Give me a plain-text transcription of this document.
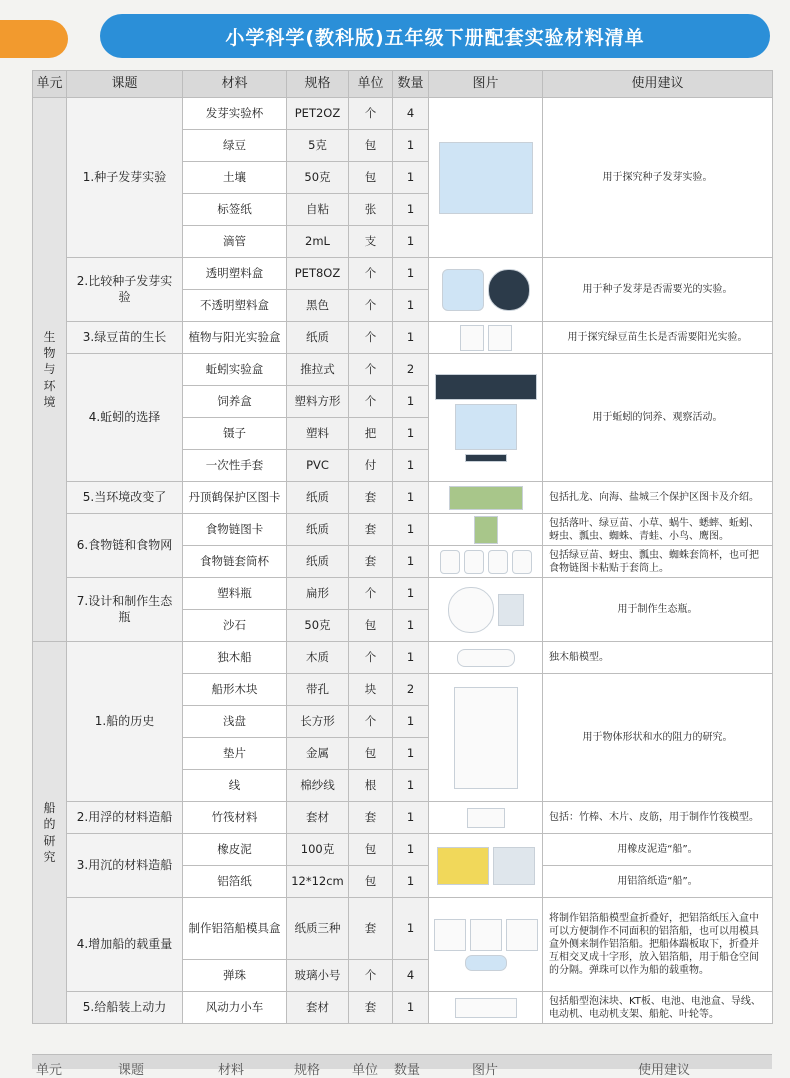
小学科学(教科版)五年级下册配套实验材料清单
单元	课题	材料	规格	单位	数量	图片	使用建议

生物与环境	1.种子发芽实验	发芽实验杯	PET2OZ	个	4		用于探究种子发芽实验。
		绿豆	5克	包	1		
		土壤	50克	包	1		
		标签纸	自粘	张	1		
		滴管	2mL	支	1		
	2.比较种子发芽实验	透明塑料盒	PET8OZ	个	1		用于种子发芽是否需要光的实验。
		不透明塑料盒	黑色	个	1		
	3.绿豆苗的生长	植物与阳光实验盒	纸质	个	1		用于探究绿豆苗生长是否需要阳光实验。
	4.蚯蚓的选择	蚯蚓实验盒	推拉式	个	2		用于蚯蚓的饲养、观察活动。
		饲养盒	塑料方形	个	1		
		镊子	塑料	把	1		
		一次性手套	PVC	付	1		
	5.当环境改变了	丹顶鹤保护区图卡	纸质	套	1		包括扎龙、向海、盐城三个保护区图卡及介绍。
	6.食物链和食物网	食物链图卡	纸质	套	1		包括落叶、绿豆苗、小草、蜗牛、蟋蟀、蚯蚓、蚜虫、瓢虫、蜘蛛、青蛙、小鸟、鹰图。
		食物链套筒杯	纸质	套	1		包括绿豆苗、蚜虫、瓢虫、蜘蛛套筒杯，也可把食物链图卡粘贴于套筒上。
	7.设计和制作生态瓶	塑料瓶	扁形	个	1		用于制作生态瓶。
		沙石	50克	包	1		

船的研究	1.船的历史	独木船	木质	个	1		独木船模型。
		船形木块	带孔	块	2		用于物体形状和水的阻力的研究。
		浅盘	长方形	个	1		
		垫片	金属	包	1		
		线	棉纱线	根	1		
	2.用浮的材料造船	竹筏材料	套材	套	1		包括：竹棒、木片、皮筋，用于制作竹筏模型。
	3.用沉的材料造船	橡皮泥	100克	包	1		用橡皮泥造“船”。
		铝箔纸	12*12cm	包	1		用铝箔纸造“船”。
	4.增加船的载重量	制作铝箔船模具盒	纸质三种	套	1		将制作铝箔船模型盒折叠好，把铝箔纸压入盒中可以方便制作不同面积的铝箔船，也可以用模具盒外侧来制作铝箔船。把船体踹板取下，折叠并互相交叉成十字形，放入铝箔船，用于船仓空间的分隔。弹珠可以作为船的载重物。
		弹珠	玻璃小号	个	4		
	5.给船装上动力	风动力小车	套材	套	1		包括船型泡沫块、KT板、电池、电池盒、导线、电动机、电动机支架、船舵、叶轮等。
单元	课题	材料	规格 单位 数量	图片	使用建议
